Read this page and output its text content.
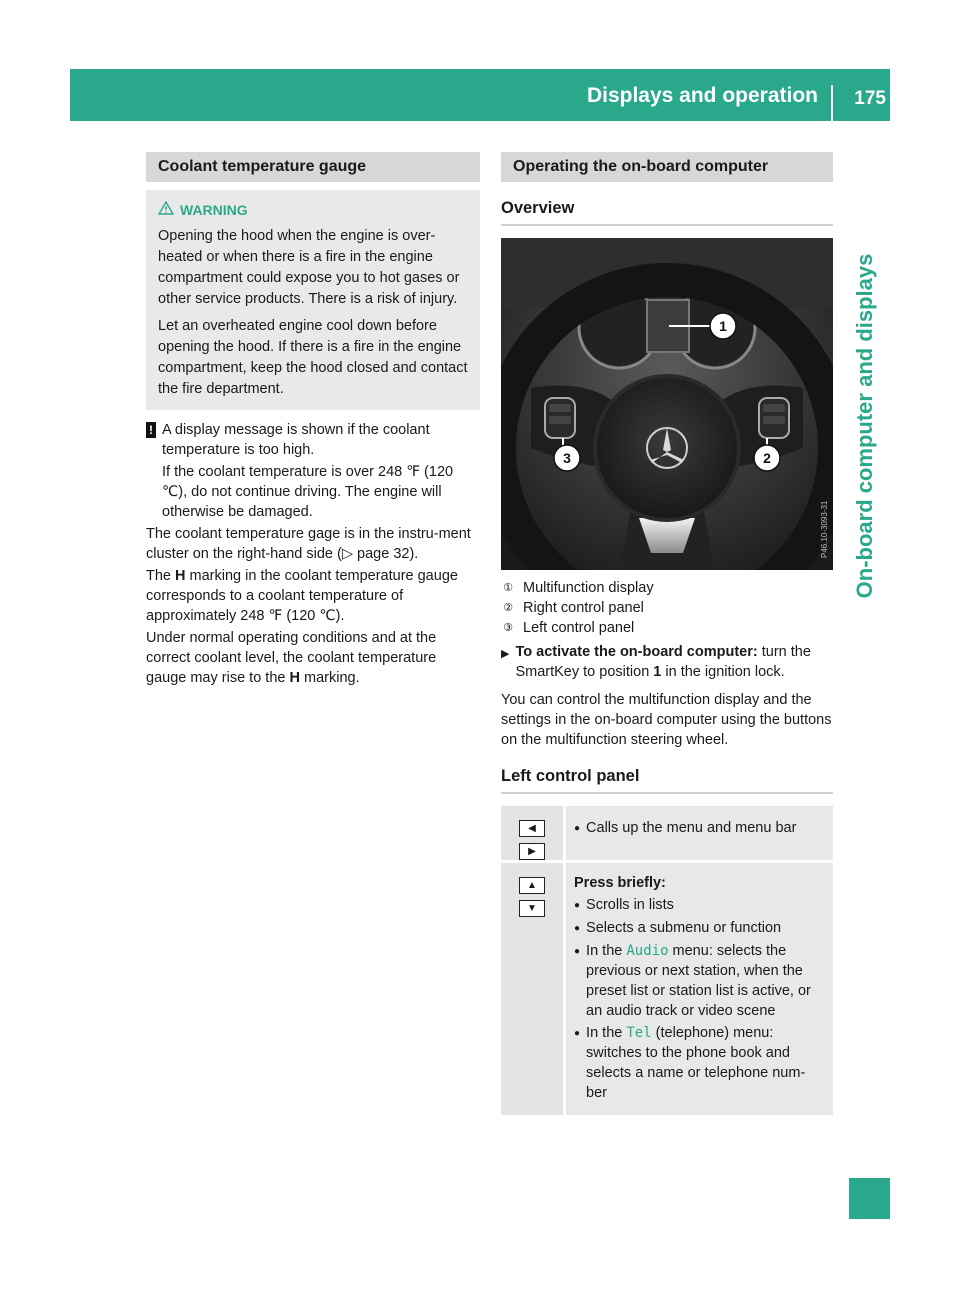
Displays and operation 175
On-board computer and displays
Coolant temperature gauge
WARNING

Opening the hood when the engine is over-heated or when there is a fire in the engine compartment could expose you to hot gases or other service products. There is a risk of injury.

Let an overheated engine cool down before opening the hood. If there is a fire in the engine compartment, keep the hood closed and contact the fire department.

! A display message is shown if the coolant temperature is too high.

If the coolant temperature is over 248 ℉ (120 ℃), do not continue driving. The engine will otherwise be damaged.

The coolant temperature gage is in the instru-ment cluster on the right-hand side (▷ page 32).

The H marking in the coolant temperature gauge corresponds to a coolant temperature of approximately 248 ℉ (120 ℃).

Under normal operating conditions and at the correct coolant level, the coolant temperature gauge may rise to the H marking.

Operating the on-board computer
Overview
1
2
3
P46.10-3093-31
① Multifunction display
② Right control panel
③ Left control panel
▶ To activate the on-board computer: turn the SmartKey to position 1 in the ignition lock.

You can control the multifunction display and the settings in the on-board computer using the buttons on the multifunction steering wheel.

Left control panel
◀
▶
● Calls up the menu and menu bar
▲
▼
Press briefly:
● Scrolls in lists
● Selects a submenu or function
● In the Audio menu: selects the previous or next station, when the preset list or station list is active, or an audio track or video scene
● In the Tel (telephone) menu: switches to the phone book and selects a name or telephone num-ber
